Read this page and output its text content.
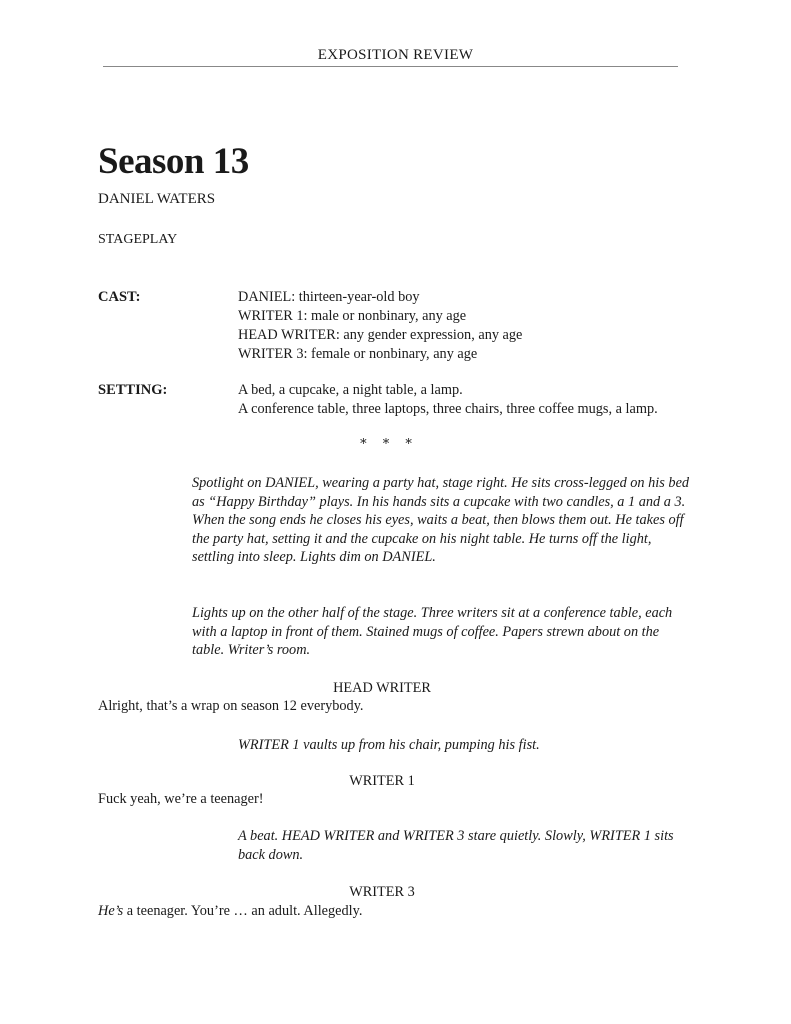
EXPOSITION REVIEW
Season 13
DANIEL WATERS
STAGEPLAY
CAST:	DANIEL: thirteen-year-old boy
WRITER 1: male or nonbinary, any age
HEAD WRITER: any gender expression, any age
WRITER 3: female or nonbinary, any age
SETTING:	A bed, a cupcake, a night table, a lamp.
A conference table, three laptops, three chairs, three coffee mugs, a lamp.
* * *
Spotlight on DANIEL, wearing a party hat, stage right. He sits cross-legged on his bed as “Happy Birthday” plays. In his hands sits a cupcake with two candles, a 1 and a 3. When the song ends he closes his eyes, waits a beat, then blows them out. He takes off the party hat, setting it and the cupcake on his night table. He turns off the light, settling into sleep. Lights dim on DANIEL.
Lights up on the other half of the stage. Three writers sit at a conference table, each with a laptop in front of them. Stained mugs of coffee. Papers strewn about on the table. Writer’s room.
HEAD WRITER
Alright, that’s a wrap on season 12 everybody.
WRITER 1 vaults up from his chair, pumping his fist.
WRITER 1
Fuck yeah, we’re a teenager!
A beat. HEAD WRITER and WRITER 3 stare quietly. Slowly, WRITER 1 sits back down.
WRITER 3
He’s a teenager. You’re … an adult. Allegedly.
